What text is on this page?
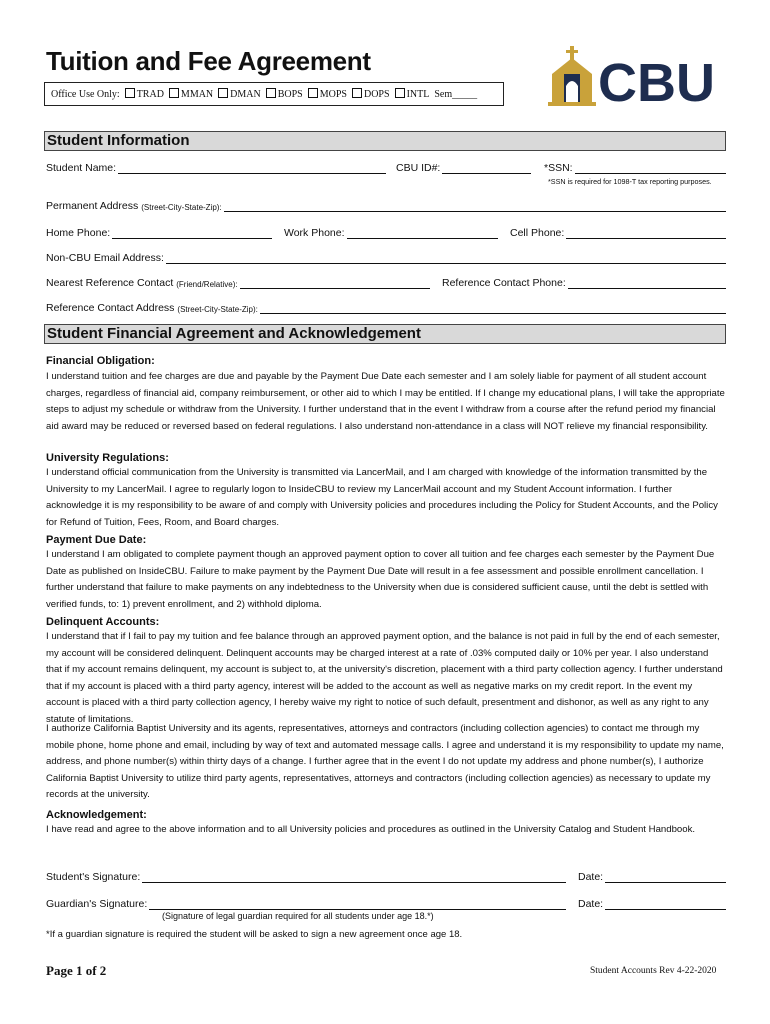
Tuition and Fee Agreement
Office Use Only:	TRAD	MMAN	DMAN	BOPS	MOPS	DOPS	INTL Sem_____ CBU
Student Information
Student Name:	CBU ID#:	*SSN:
*SSN is required for 1098-T tax reporting purposes.
Permanent Address (Street-City-State-Zip):
Home Phone:	Work Phone:	Cell Phone:
Non-CBU Email Address:
Nearest Reference Contact (Friend/Relative):	Reference Contact Phone:
Reference Contact Address (Street-City-State-Zip):
Student Financial Agreement and Acknowledgement
Financial Obligation:
I understand tuition and fee charges are due and payable by the Payment Due Date each semester and I am solely liable for payment of all student account charges, regardless of financial aid, company reimbursement, or other aid to which I may be entitled. If I change my educational plans, I will take the appropriate steps to adjust my schedule or withdraw from the University. I further understand that in the event I withdraw from a course after the refund period my financial aid award may be reduced or reversed based on federal regulations. I also understand non-attendance in a class will NOT relieve my financial responsibility.
University Regulations:
I understand official communication from the University is transmitted via LancerMail, and I am charged with knowledge of the information transmitted by the University to my LancerMail. I agree to regularly logon to InsideCBU to review my LancerMail account and my Student Account information. I further acknowledge it is my responsibility to be aware of and comply with University policies and procedures including the Policy for Student Accounts, and the Policy for Refund of Tuition, Fees, Room, and Board charges.
Payment Due Date:
I understand I am obligated to complete payment though an approved payment option to cover all tuition and fee charges each semester by the Payment Due Date as published on InsideCBU. Failure to make payment by the Payment Due Date will result in a fee assessment and possible enrollment cancellation. I further understand that failure to make payments on any indebtedness to the University when due is considered sufficient cause, until the debt is settled with verified funds, to: 1) prevent enrollment, and 2) withhold diploma.
Delinquent Accounts:
I understand that if I fail to pay my tuition and fee balance through an approved payment option, and the balance is not paid in full by the end of each semester, my account will be considered delinquent. Delinquent accounts may be charged interest at a rate of .03% computed daily or 10% per year. I also understand that if my account remains delinquent, my account is subject to, at the university's discretion, placement with a third party collection agency. I further understand that if my account is placed with a third party agency, interest will be added to the account as well as negative marks on my credit report. In the event my account is placed with a third party collection agency, I hereby waive my right to notice of such default, presentment and dishonor, as well as any right to any statute of limitations.
I authorize California Baptist University and its agents, representatives, attorneys and contractors (including collection agencies) to contact me through my mobile phone, home phone and email, including by way of text and automated message calls. I agree and understand it is my responsibility to update my name, address, and phone number(s) within thirty days of a change. I further agree that in the event I do not update my address and phone number(s), I authorize California Baptist University to utilize third party agents, representatives, attorneys and contractors (including collection agencies) as necessary to update my records at the university.
Acknowledgement:
I have read and agree to the above information and to all University policies and procedures as outlined in the University Catalog and Student Handbook.
Student's Signature:	Date:
Guardian's Signature:	Date:
(Signature of legal guardian required for all students under age 18.*)
*If a guardian signature is required the student will be asked to sign a new agreement once age 18.
Page 1 of 2	Student Accounts Rev 4-22-2020
